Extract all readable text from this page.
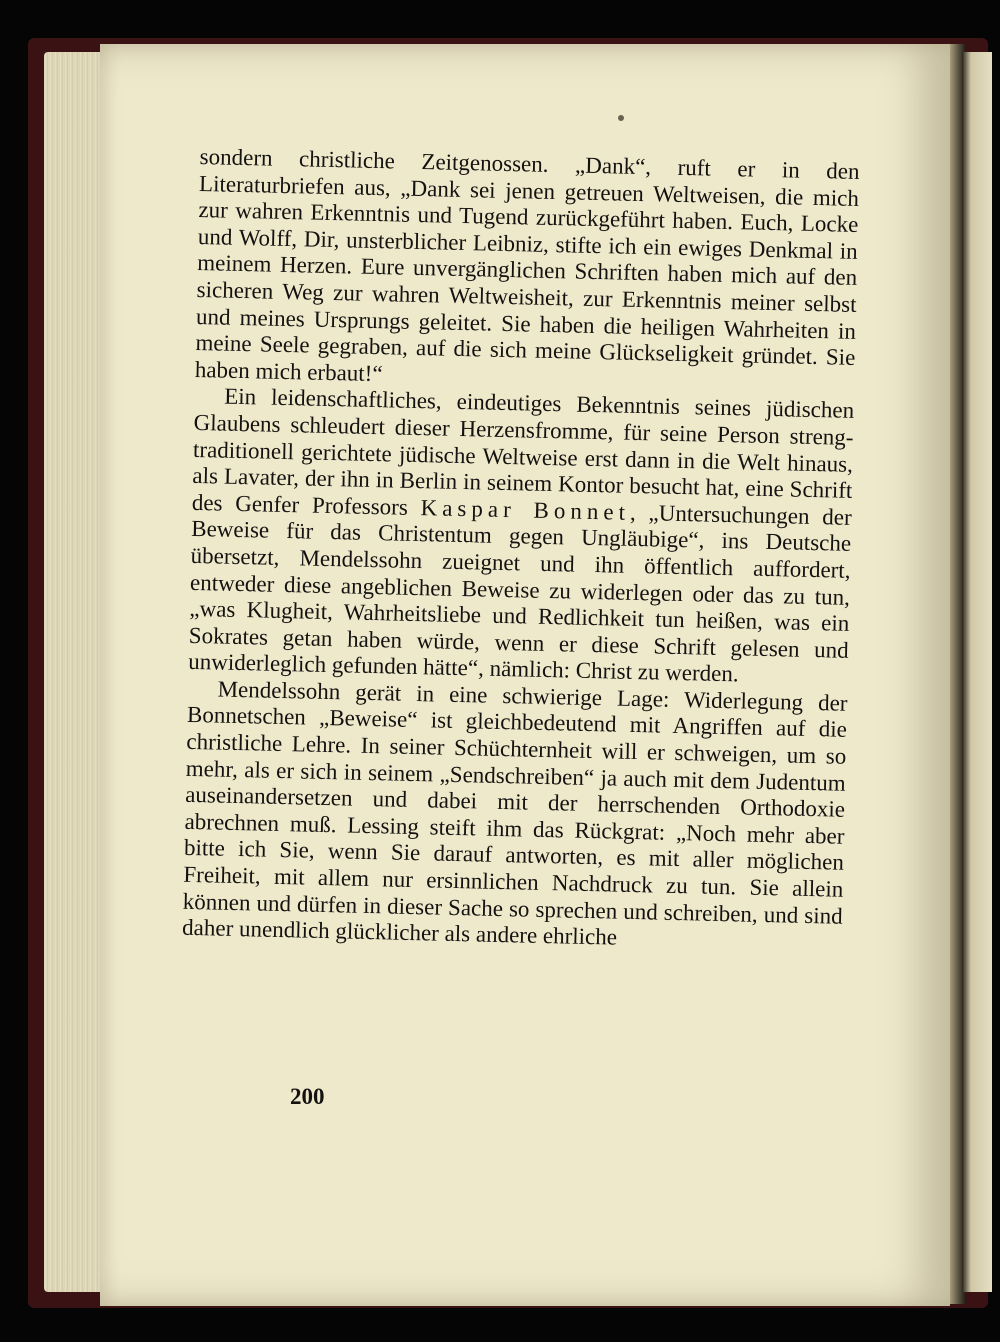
sondern christliche Zeitgenossen. „Dank“, ruft er in den Literaturbriefen aus, „Dank sei jenen getreuen Weltweisen, die mich zur wahren Erkenntnis und Tugend zurückgeführt haben. Euch, Locke und Wolff, Dir, unsterblicher Leibniz, stifte ich ein ewiges Denkmal in meinem Herzen. Eure unvergänglichen Schriften haben mich auf den sicheren Weg zur wahren Weltweisheit, zur Erkenntnis meiner selbst und meines Ursprungs geleitet. Sie haben die heiligen Wahrheiten in meine Seele gegraben, auf die sich meine Glückseligkeit gründet. Sie haben mich erbaut!“

Ein leidenschaftliches, eindeutiges Bekenntnis seines jüdischen Glaubens schleudert dieser Herzensfromme, für seine Person streng-traditionell gerichtete jüdische Weltweise erst dann in die Welt hinaus, als Lavater, der ihn in Berlin in seinem Kontor besucht hat, eine Schrift des Genfer Professors Kaspar Bonnet, „Untersuchungen der Beweise für das Christentum gegen Ungläubige“, ins Deutsche übersetzt, Mendelssohn zueignet und ihn öffentlich auffordert, entweder diese angeblichen Beweise zu widerlegen oder das zu tun, „was Klugheit, Wahrheitsliebe und Redlichkeit tun heißen, was ein Sokrates getan haben würde, wenn er diese Schrift gelesen und unwiderleglich gefunden hätte“, nämlich: Christ zu werden.

Mendelssohn gerät in eine schwierige Lage: Widerlegung der Bonnetschen „Beweise“ ist gleichbedeutend mit Angriffen auf die christliche Lehre. In seiner Schüchternheit will er schweigen, um so mehr, als er sich in seinem „Sendschreiben“ ja auch mit dem Judentum auseinandersetzen und dabei mit der herrschenden Orthodoxie abrechnen muß. Lessing steift ihm das Rückgrat: „Noch mehr aber bitte ich Sie, wenn Sie darauf antworten, es mit aller möglichen Freiheit, mit allem nur ersinnlichen Nachdruck zu tun. Sie allein können und dürfen in dieser Sache so sprechen und schreiben, und sind daher unendlich glücklicher als andere ehrliche

200
